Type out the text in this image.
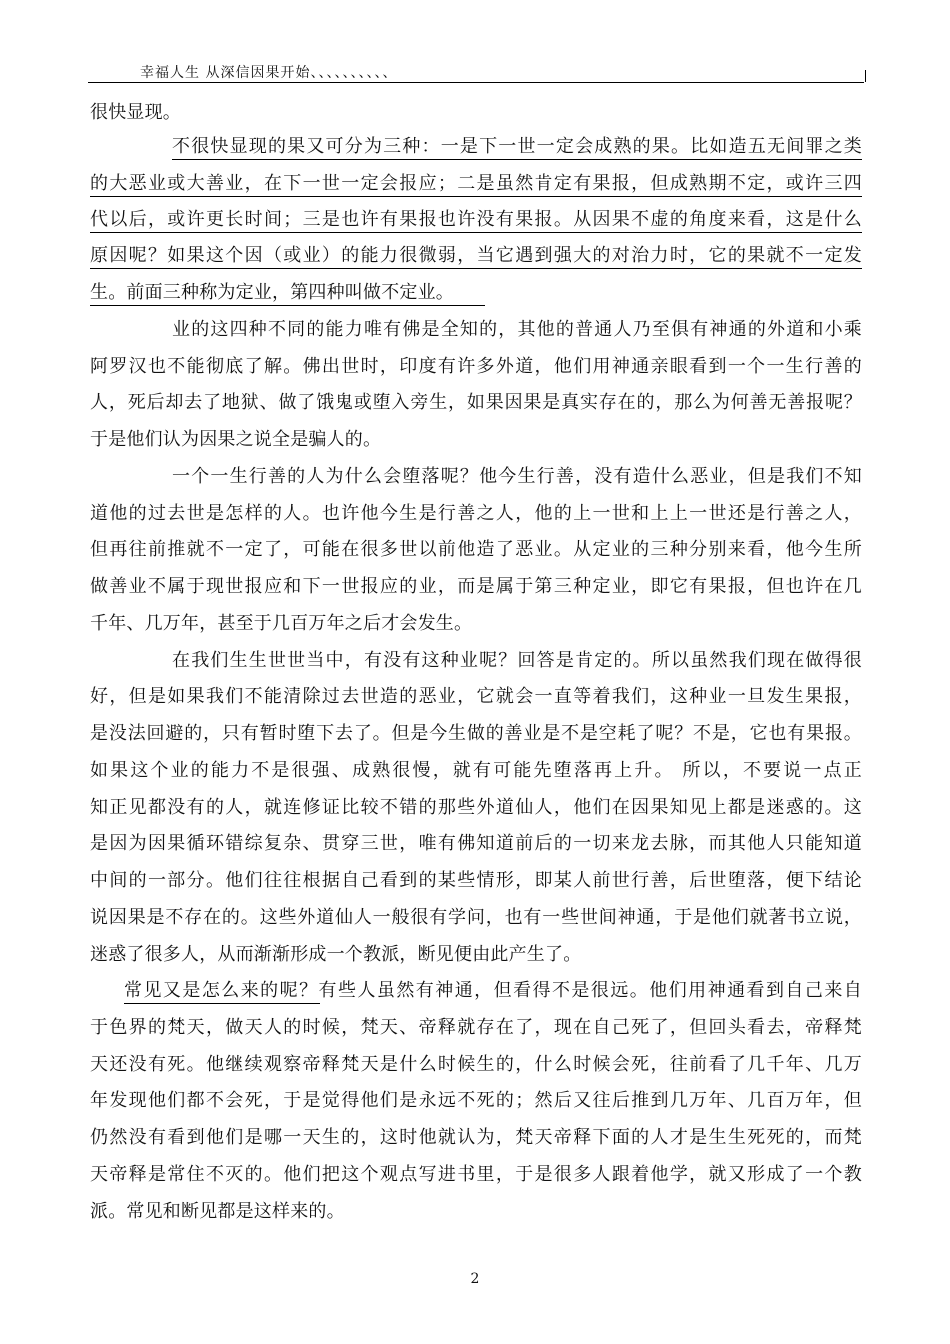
幸福人生 从深信因果开始、、、、、、、、、、
很快显现。
不很快显现的果又可分为三种：一是下一世一定会成熟的果。比如造五无间罪之类
的大恶业或大善业，在下一世一定会报应；二是虽然肯定有果报，但成熟期不定，或许三四
代以后，或许更长时间；三是也许有果报也许没有果报。从因果不虚的角度来看，这是什么
原因呢？如果这个因（或业）的能力很微弱，当它遇到强大的对治力时，它的果就不一定发
生。前面三种称为定业，第四种叫做不定业。
业的这四种不同的能力唯有佛是全知的，其他的普通人乃至俱有神通的外道和小乘
阿罗汉也不能彻底了解。佛出世时，印度有许多外道，他们用神通亲眼看到一个一生行善的
人，死后却去了地狱、做了饿鬼或堕入旁生，如果因果是真实存在的，那么为何善无善报呢？
于是他们认为因果之说全是骗人的。
一个一生行善的人为什么会堕落呢？他今生行善，没有造什么恶业，但是我们不知
道他的过去世是怎样的人。也许他今生是行善之人，他的上一世和上上一世还是行善之人，
但再往前推就不一定了，可能在很多世以前他造了恶业。从定业的三种分别来看，他今生所
做善业不属于现世报应和下一世报应的业，而是属于第三种定业，即它有果报，但也许在几
千年、几万年，甚至于几百万年之后才会发生。
在我们生生世世当中，有没有这种业呢？回答是肯定的。所以虽然我们现在做得很
好，但是如果我们不能清除过去世造的恶业，它就会一直等着我们，这种业一旦发生果报，
是没法回避的，只有暂时堕下去了。但是今生做的善业是不是空耗了呢？不是，它也有果报。
如果这个业的能力不是很强、成熟很慢，就有可能先堕落再上升。 所以，不要说一点正
知正见都没有的人，就连修证比较不错的那些外道仙人，他们在因果知见上都是迷惑的。这
是因为因果循环错综复杂、贯穿三世，唯有佛知道前后的一切来龙去脉，而其他人只能知道
中间的一部分。他们往往根据自己看到的某些情形，即某人前世行善，后世堕落，便下结论
说因果是不存在的。这些外道仙人一般很有学问，也有一些世间神通，于是他们就著书立说，
迷惑了很多人，从而渐渐形成一个教派，断见便由此产生了。
常见又是怎么来的呢？有些人虽然有神通，但看得不是很远。他们用神通看到自己来自
于色界的梵天，做天人的时候，梵天、帝释就存在了，现在自己死了，但回头看去，帝释梵
天还没有死。他继续观察帝释梵天是什么时候生的，什么时候会死，往前看了几千年、几万
年发现他们都不会死，于是觉得他们是永远不死的；然后又往后推到几万年、几百万年，但
仍然没有看到他们是哪一天生的，这时他就认为，梵天帝释下面的人才是生生死死的，而梵
天帝释是常住不灭的。他们把这个观点写进书里，于是很多人跟着他学，就又形成了一个教
派。常见和断见都是这样来的。
2
